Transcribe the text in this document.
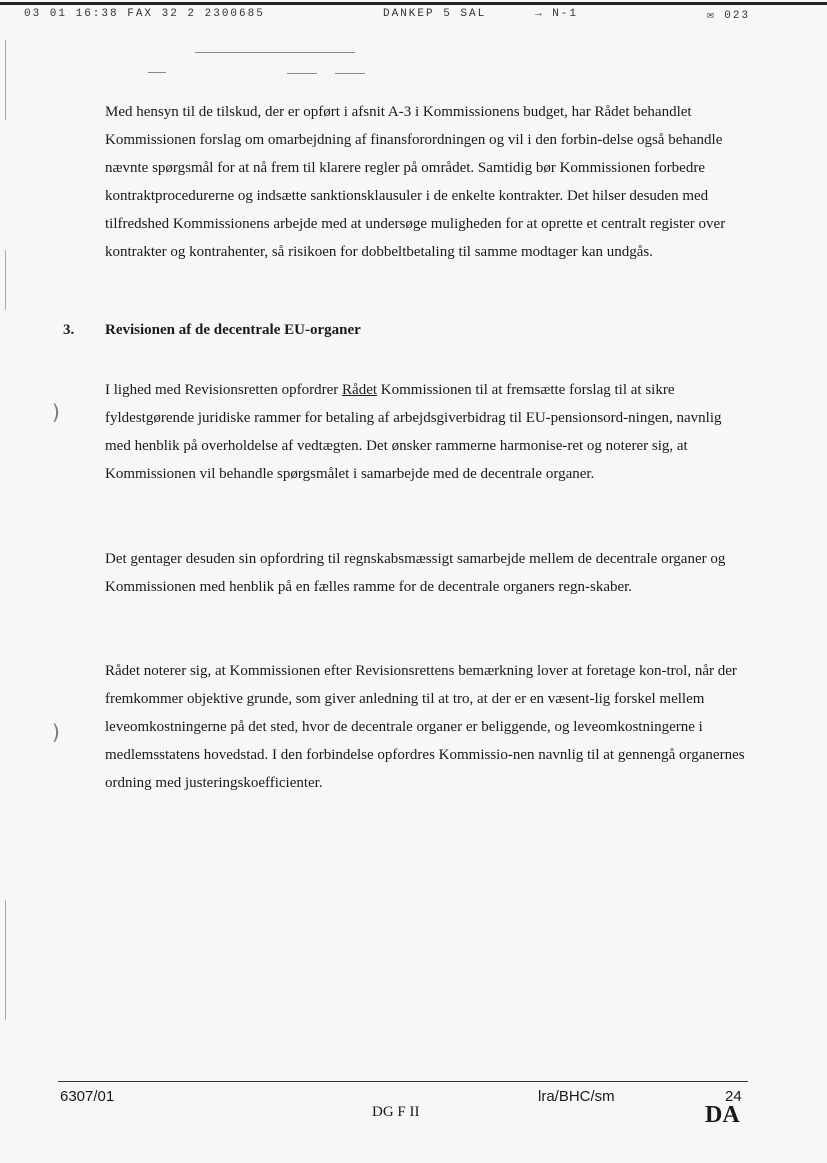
03 01 16:38 FAX 32 2 2300685	DANKEP 5 SAL	→ N-1	✉ 023
)
)

Med hensyn til de tilskud, der er opført i afsnit A-3 i Kommissionens budget, har Rådet behandlet Kommissionen forslag om omarbejdning af finansforordningen og vil i den forbin-delse også behandle nævnte spørgsmål for at nå frem til klarere regler på området. Samtidig bør Kommissionen forbedre kontraktprocedurerne og indsætte sanktionsklausuler i de enkelte kontrakter. Det hilser desuden med tilfredshed Kommissionens arbejde med at undersøge muligheden for at oprette et centralt register over kontrakter og kontrahenter, så risikoen for dobbeltbetaling til samme modtager kan undgås.

3. Revisionen af de decentrale EU-organer

I lighed med Revisionsretten opfordrer Rådet Kommissionen til at fremsætte forslag til at sikre fyldestgørende juridiske rammer for betaling af arbejdsgiverbidrag til EU-pensionsord-ningen, navnlig med henblik på overholdelse af vedtægten. Det ønsker rammerne harmonise-ret og noterer sig, at Kommissionen vil behandle spørgsmålet i samarbejde med de decentrale organer.

Det gentager desuden sin opfordring til regnskabsmæssigt samarbejde mellem de decentrale organer og Kommissionen med henblik på en fælles ramme for de decentrale organers regn-skaber.

Rådet noterer sig, at Kommissionen efter Revisionsrettens bemærkning lover at foretage kon-trol, når der fremkommer objektive grunde, som giver anledning til at tro, at der er en væsent-lig forskel mellem leveomkostningerne på det sted, hvor de decentrale organer er beliggende, og leveomkostningerne i medlemsstatens hovedstad. I den forbindelse opfordres Kommissio-nen navnlig til at gennengå organernes ordning med justeringskoefficienter.

6307/01
DG F II
lra/BHC/sm	24
DA
